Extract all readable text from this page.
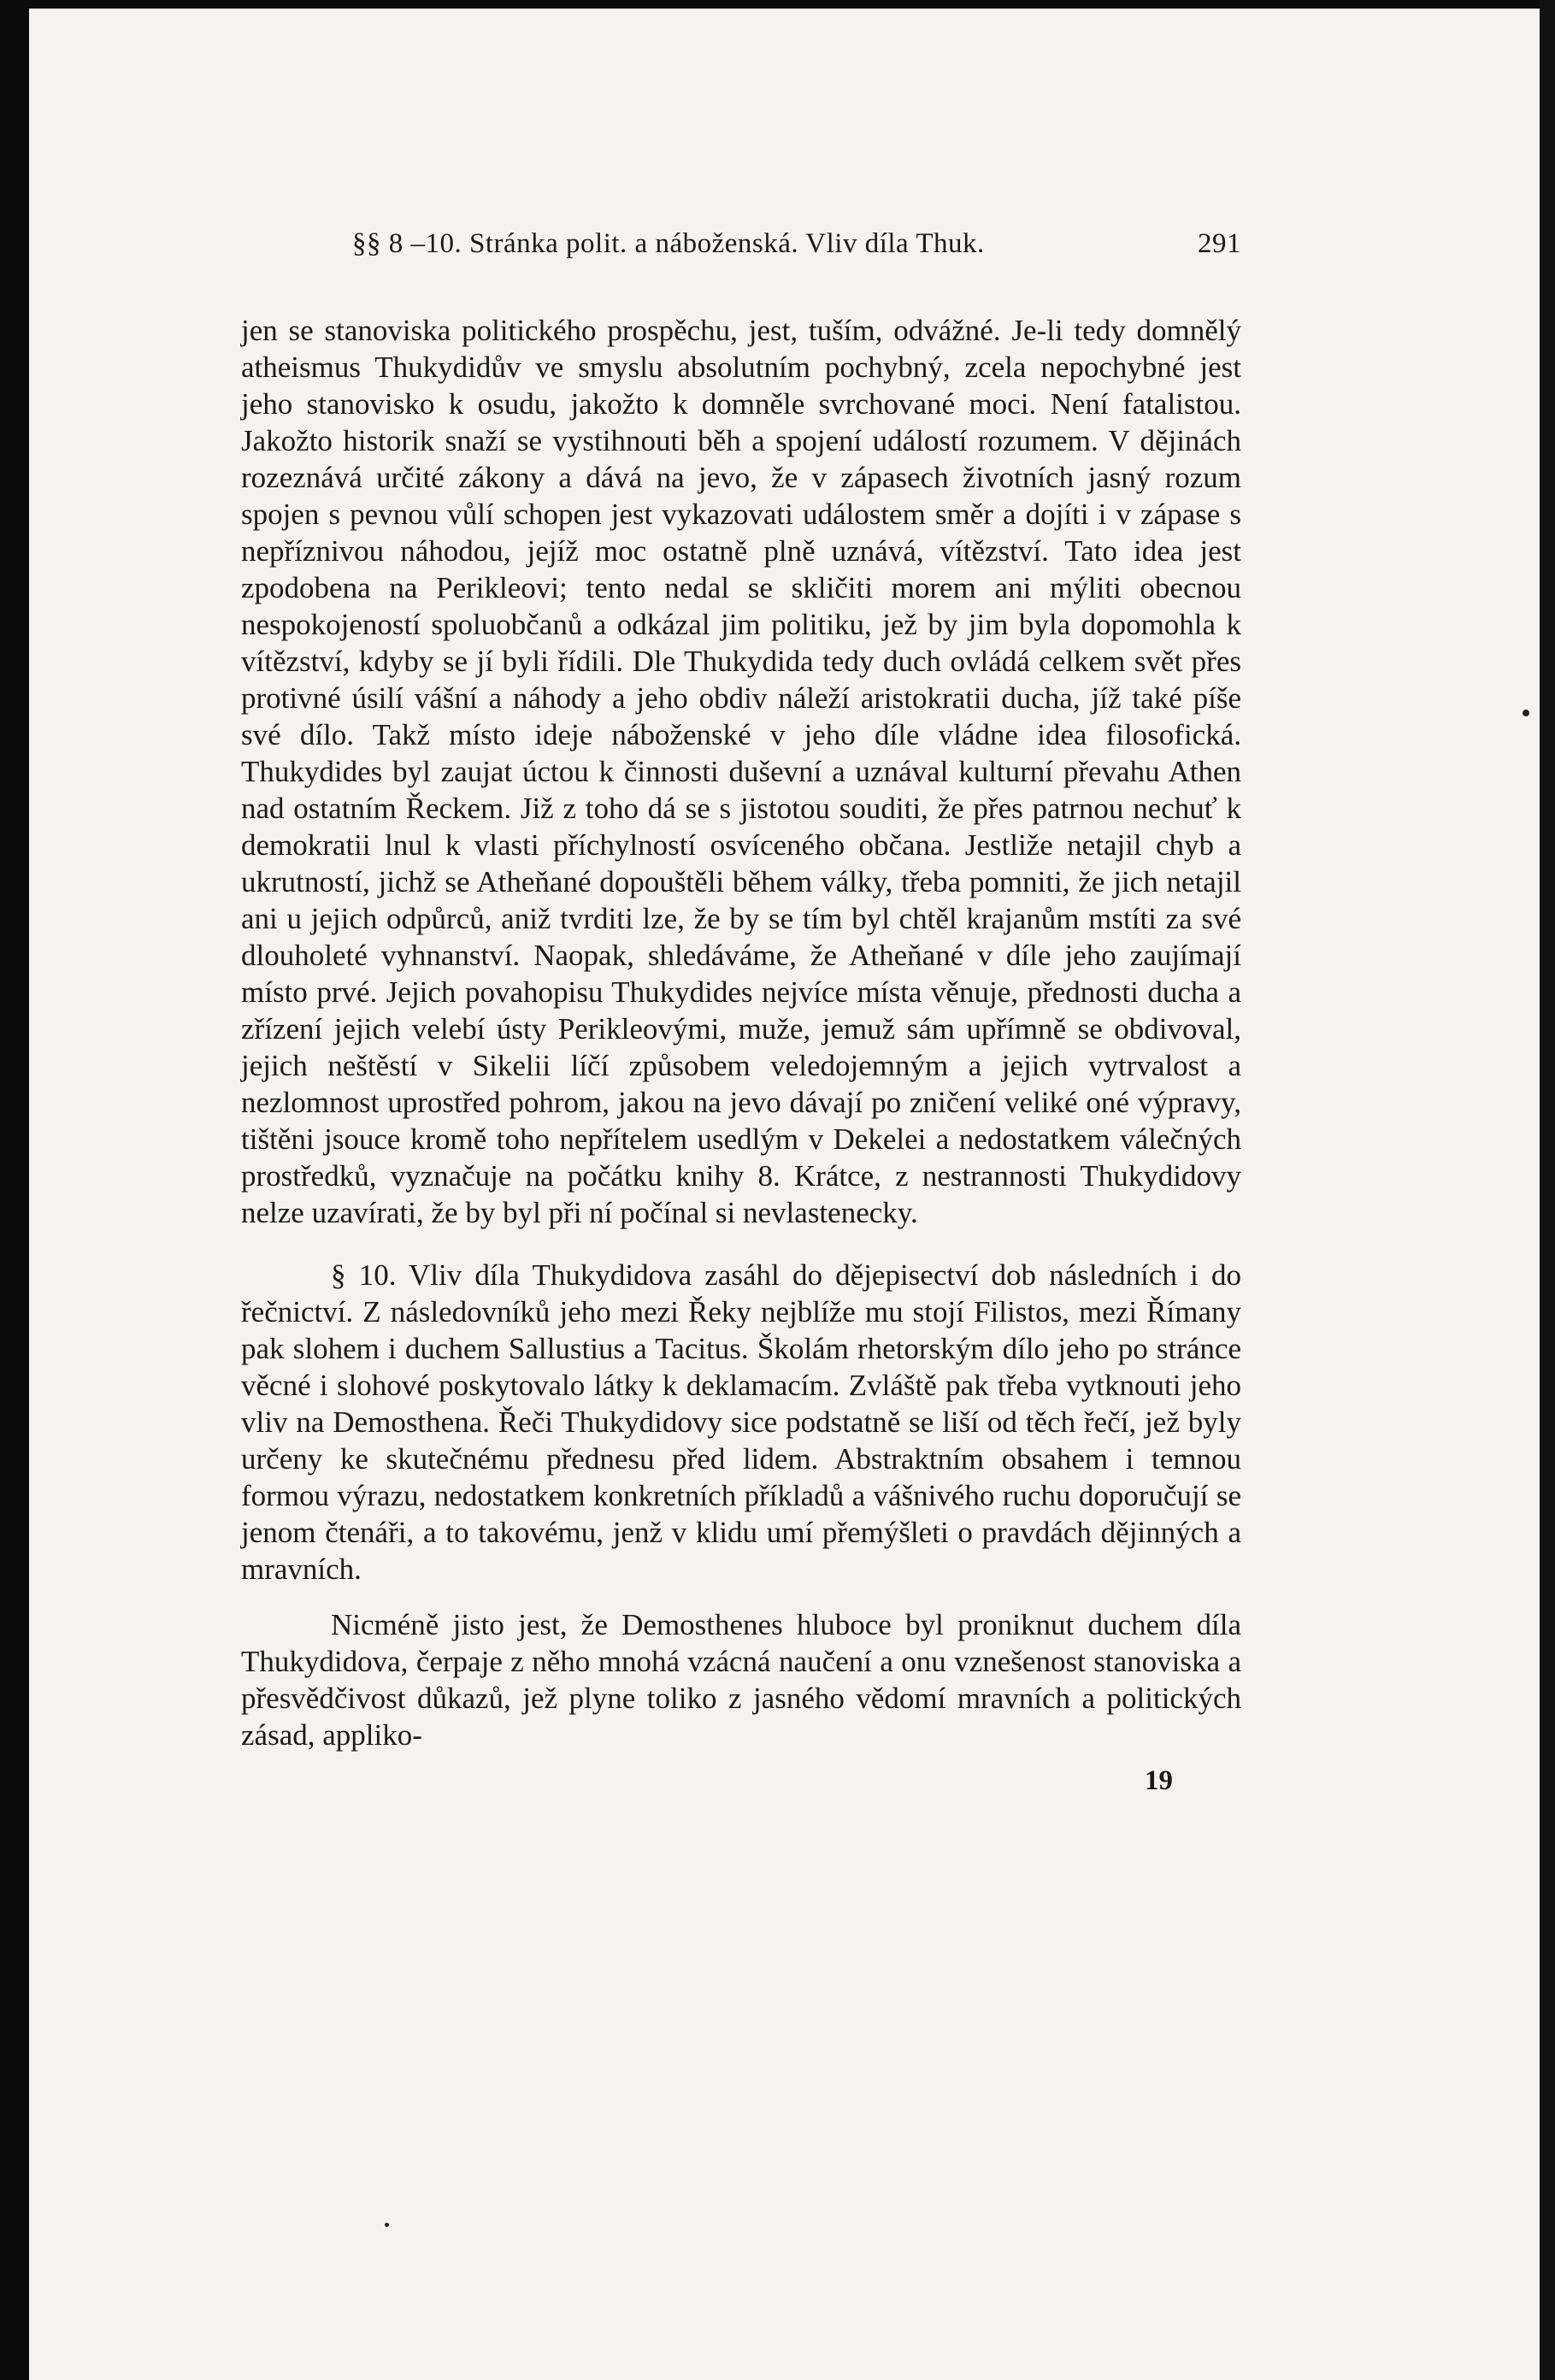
§§ 8 –10. Stránka polit. a náboženská. Vliv díla Thuk.	291

jen se stanoviska politického prospěchu, jest, tuším, odvážné. Je-li tedy domnělý atheismus Thukydidův ve smyslu absolutním pochybný, zcela nepochybné jest jeho stanovisko k osudu, jakožto k domněle svrchované moci. Není fatalistou. Jakožto historik snaží se vystihnouti běh a spojení událostí rozumem. V dějinách rozeznává určité zákony a dává na jevo, že v zápasech životních jasný rozum spojen s pevnou vůlí schopen jest vykazovati událostem směr a dojíti i v zápase s nepříznivou náhodou, jejíž moc ostatně plně uznává, vítězství. Tato idea jest zpodobena na Perikleovi; tento nedal se skličiti morem ani mýliti obecnou nespokojeností spoluobčanů a odkázal jim politiku, jež by jim byla dopomohla k vítězství, kdyby se jí byli řídili. Dle Thukydida tedy duch ovládá celkem svět přes protivné úsilí vášní a náhody a jeho obdiv náleží aristokratii ducha, jíž také píše své dílo. Takž místo ideje náboženské v jeho díle vládne idea filosofická. Thukydides byl zaujat úctou k činnosti duševní a uznával kulturní převahu Athen nad ostatním Řeckem. Již z toho dá se s jistotou souditi, že přes patrnou nechuť k demokratii lnul k vlasti příchylností osvíceného občana. Jestliže netajil chyb a ukrutností, jichž se Atheňané dopouštěli během války, třeba pomniti, že jich netajil ani u jejich odpůrců, aniž tvrditi lze, že by se tím byl chtěl krajanům mstíti za své dlouholeté vyhnanství. Naopak, shledáváme, že Atheňané v díle jeho zaujímají místo prvé. Jejich povahopisu Thukydides nejvíce místa věnuje, přednosti ducha a zřízení jejich velebí ústy Perikleovými, muže, jemuž sám upřímně se obdivoval, jejich neštěstí v Sikelii líčí způsobem veledojemným a jejich vytrvalost a nezlomnost uprostřed pohrom, jakou na jevo dávají po zničení veliké oné výpravy, tištěni jsouce kromě toho nepřítelem usedlým v Dekelei a nedostatkem válečných prostředků, vyznačuje na počátku knihy 8. Krátce, z nestrannosti Thukydidovy nelze uzavírati, že by byl při ní počínal si nevlastenecky.

§ 10. Vliv díla Thukydidova zasáhl do dějepisectví dob následních i do řečnictví. Z následovníků jeho mezi Řeky nejblíže mu stojí Filistos, mezi Římany pak slohem i duchem Sallustius a Tacitus. Školám rhetorským dílo jeho po stránce věcné i slohové poskytovalo látky k deklamacím. Zvláště pak třeba vytknouti jeho vliv na Demosthena. Řeči Thukydidovy sice podstatně se liší od těch řečí, jež byly určeny ke skutečnému přednesu před lidem. Abstraktním obsahem i temnou formou výrazu, nedostatkem konkretních příkladů a vášnivého ruchu doporučují se jenom čtenáři, a to takovému, jenž v klidu umí přemýšleti o pravdách dějinných a mravních.

Nicméně jisto jest, že Demosthenes hluboce byl proniknut duchem díla Thukydidova, čerpaje z něho mnohá vzácná naučení a onu vznešenost stanoviska a přesvědčivost důkazů, jež plyne toliko z jasného vědomí mravních a politických zásad, appliko-

19
